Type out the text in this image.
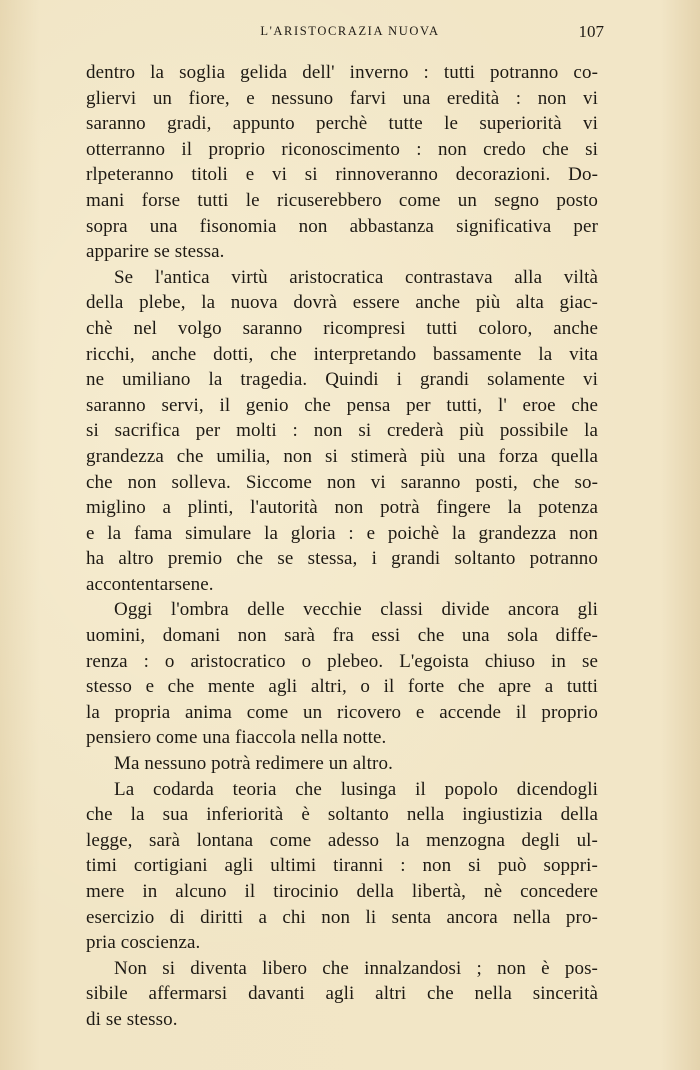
L'ARISTOCRAZIA NUOVA	107
dentro la soglia gelida dell' inverno : tutti potranno co-
gliervi un fiore, e nessuno farvi una eredità : non vi
saranno gradi, appunto perchè tutte le superiorità vi
otterranno il proprio riconoscimento : non credo che si
rlpeteranno titoli e vi si rinnoveranno decorazioni. Do-
mani forse tutti le ricuserebbero come un segno posto
sopra una fisonomia non abbastanza significativa per
apparire se stessa.
Se l'antica virtù aristocratica contrastava alla viltà
della plebe, la nuova dovrà essere anche più alta giac-
chè nel volgo saranno ricompresi tutti coloro, anche
ricchi, anche dotti, che interpretando bassamente la vita
ne umiliano la tragedia. Quindi i grandi solamente vi
saranno servi, il genio che pensa per tutti, l' eroe che
si sacrifica per molti : non si crederà più possibile la
grandezza che umilia, non si stimerà più una forza quella
che non solleva. Siccome non vi saranno posti, che so-
miglino a plinti, l'autorità non potrà fingere la potenza
e la fama simulare la gloria : e poichè la grandezza non
ha altro premio che se stessa, i grandi soltanto potranno
accontentarsene.
Oggi l'ombra delle vecchie classi divide ancora gli
uomini, domani non sarà fra essi che una sola diffe-
renza : o aristocratico o plebeo. L'egoista chiuso in se
stesso e che mente agli altri, o il forte che apre a tutti
la propria anima come un ricovero e accende il proprio
pensiero come una fiaccola nella notte.
Ma nessuno potrà redimere un altro.
La codarda teoria che lusinga il popolo dicendogli
che la sua inferiorità è soltanto nella ingiustizia della
legge, sarà lontana come adesso la menzogna degli ul-
timi cortigiani agli ultimi tiranni : non si può soppri-
mere in alcuno il tirocinio della libertà, nè concedere
esercizio di diritti a chi non li senta ancora nella pro-
pria coscienza.
Non si diventa libero che innalzandosi ; non è pos-
sibile affermarsi davanti agli altri che nella sincerità
di se stesso.
